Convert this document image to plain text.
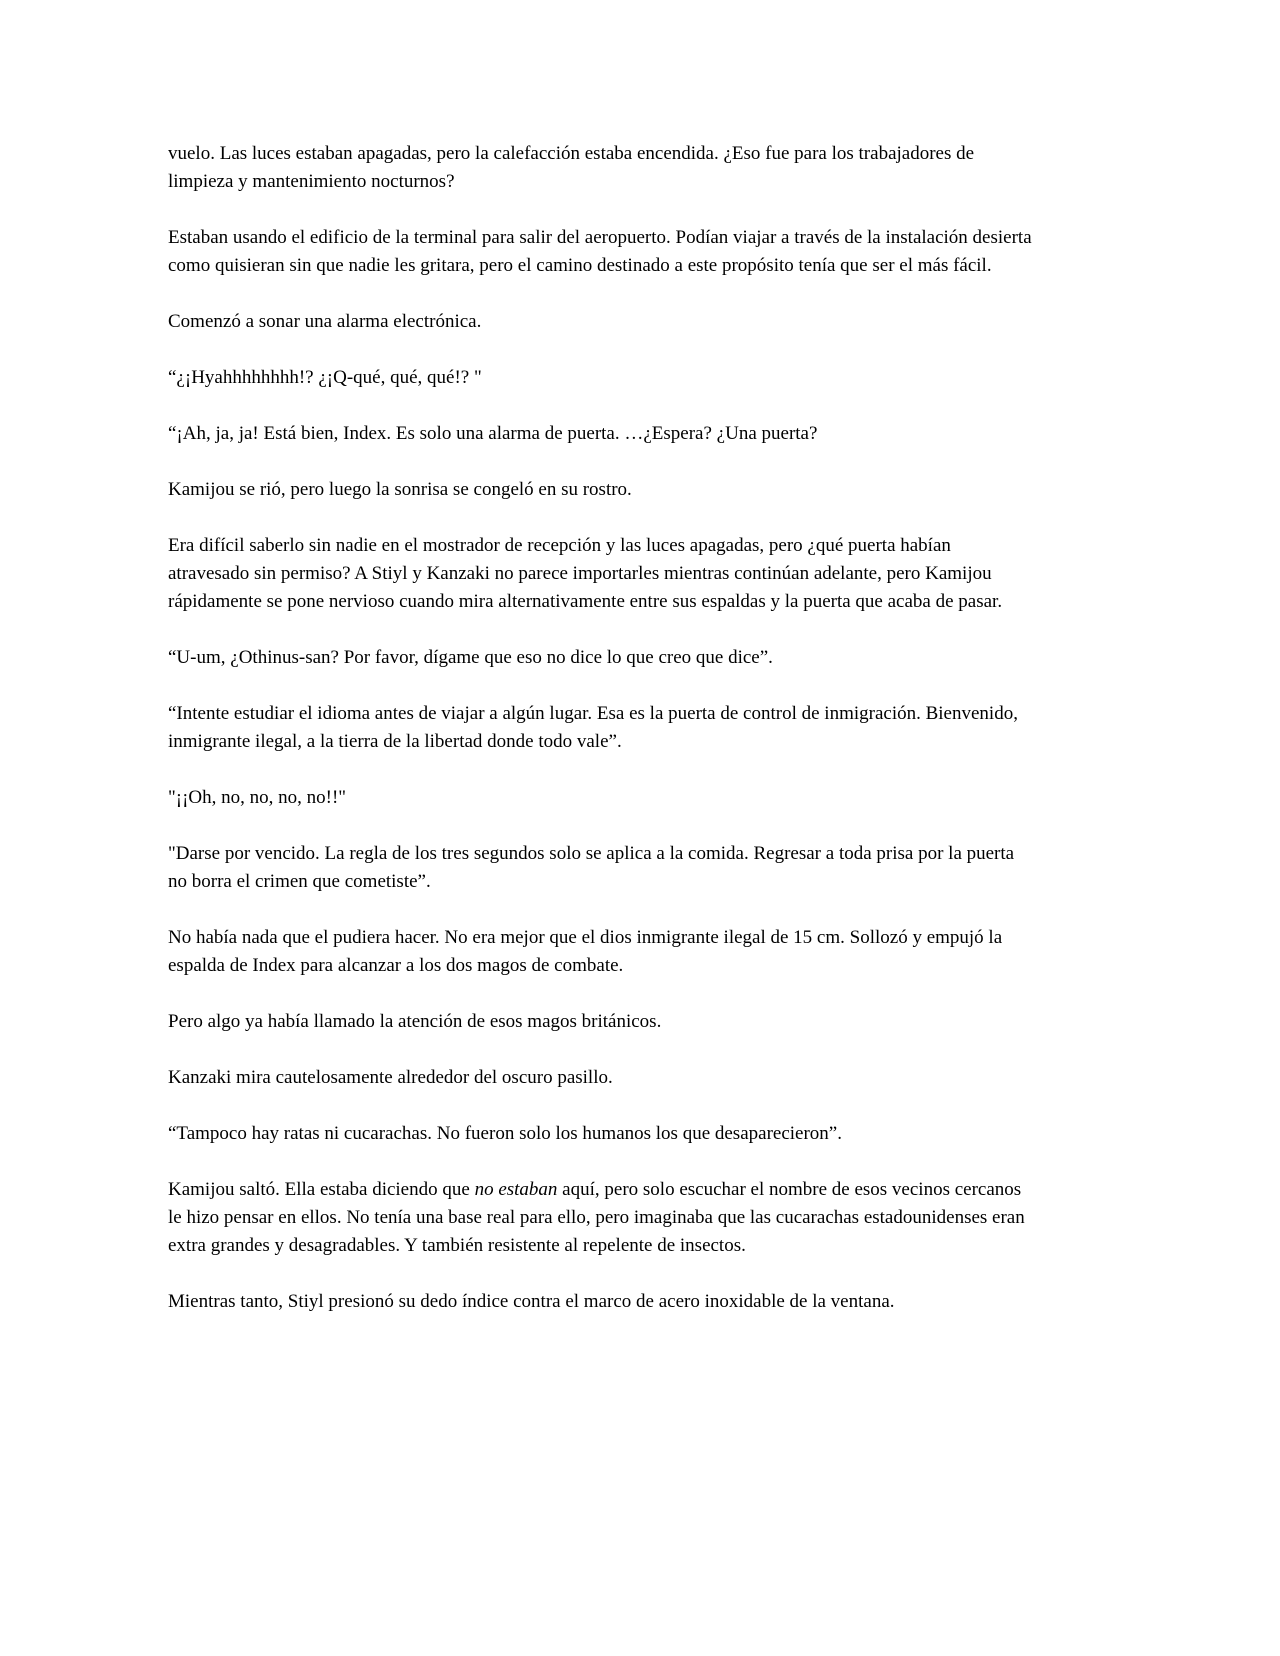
vuelo. Las luces estaban apagadas, pero la calefacción estaba encendida. ¿Eso fue para los trabajadores de limpieza y mantenimiento nocturnos?

Estaban usando el edificio de la terminal para salir del aeropuerto. Podían viajar a través de la instalación desierta como quisieran sin que nadie les gritara, pero el camino destinado a este propósito tenía que ser el más fácil.

Comenzó a sonar una alarma electrónica.

“¿¡Hyahhhhhhhh!? ¿¡Q-qué, qué, qué!? "

“¡Ah, ja, ja! Está bien, Index. Es solo una alarma de puerta. …¿Espera? ¿Una puerta?

Kamijou se rió, pero luego la sonrisa se congeló en su rostro.

Era difícil saberlo sin nadie en el mostrador de recepción y las luces apagadas, pero ¿qué puerta habían atravesado sin permiso? A Stiyl y Kanzaki no parece importarles mientras continúan adelante, pero Kamijou rápidamente se pone nervioso cuando mira alternativamente entre sus espaldas y la puerta que acaba de pasar.

“U-um, ¿Othinus-san? Por favor, dígame que eso no dice lo que creo que dice”.

“Intente estudiar el idioma antes de viajar a algún lugar. Esa es la puerta de control de inmigración. Bienvenido, inmigrante ilegal, a la tierra de la libertad donde todo vale”.

"¡¡Oh, no, no, no, no!!"

"Darse por vencido. La regla de los tres segundos solo se aplica a la comida. Regresar a toda prisa por la puerta no borra el crimen que cometiste”.

No había nada que el pudiera hacer. No era mejor que el dios inmigrante ilegal de 15 cm. Sollozó y empujó la espalda de Index para alcanzar a los dos magos de combate.

Pero algo ya había llamado la atención de esos magos británicos.

Kanzaki mira cautelosamente alrededor del oscuro pasillo.

“Tampoco hay ratas ni cucarachas. No fueron solo los humanos los que desaparecieron”.

Kamijou saltó. Ella estaba diciendo que no estaban aquí, pero solo escuchar el nombre de esos vecinos cercanos le hizo pensar en ellos. No tenía una base real para ello, pero imaginaba que las cucarachas estadounidenses eran extra grandes y desagradables. Y también resistente al repelente de insectos.

Mientras tanto, Stiyl presionó su dedo índice contra el marco de acero inoxidable de la ventana.
